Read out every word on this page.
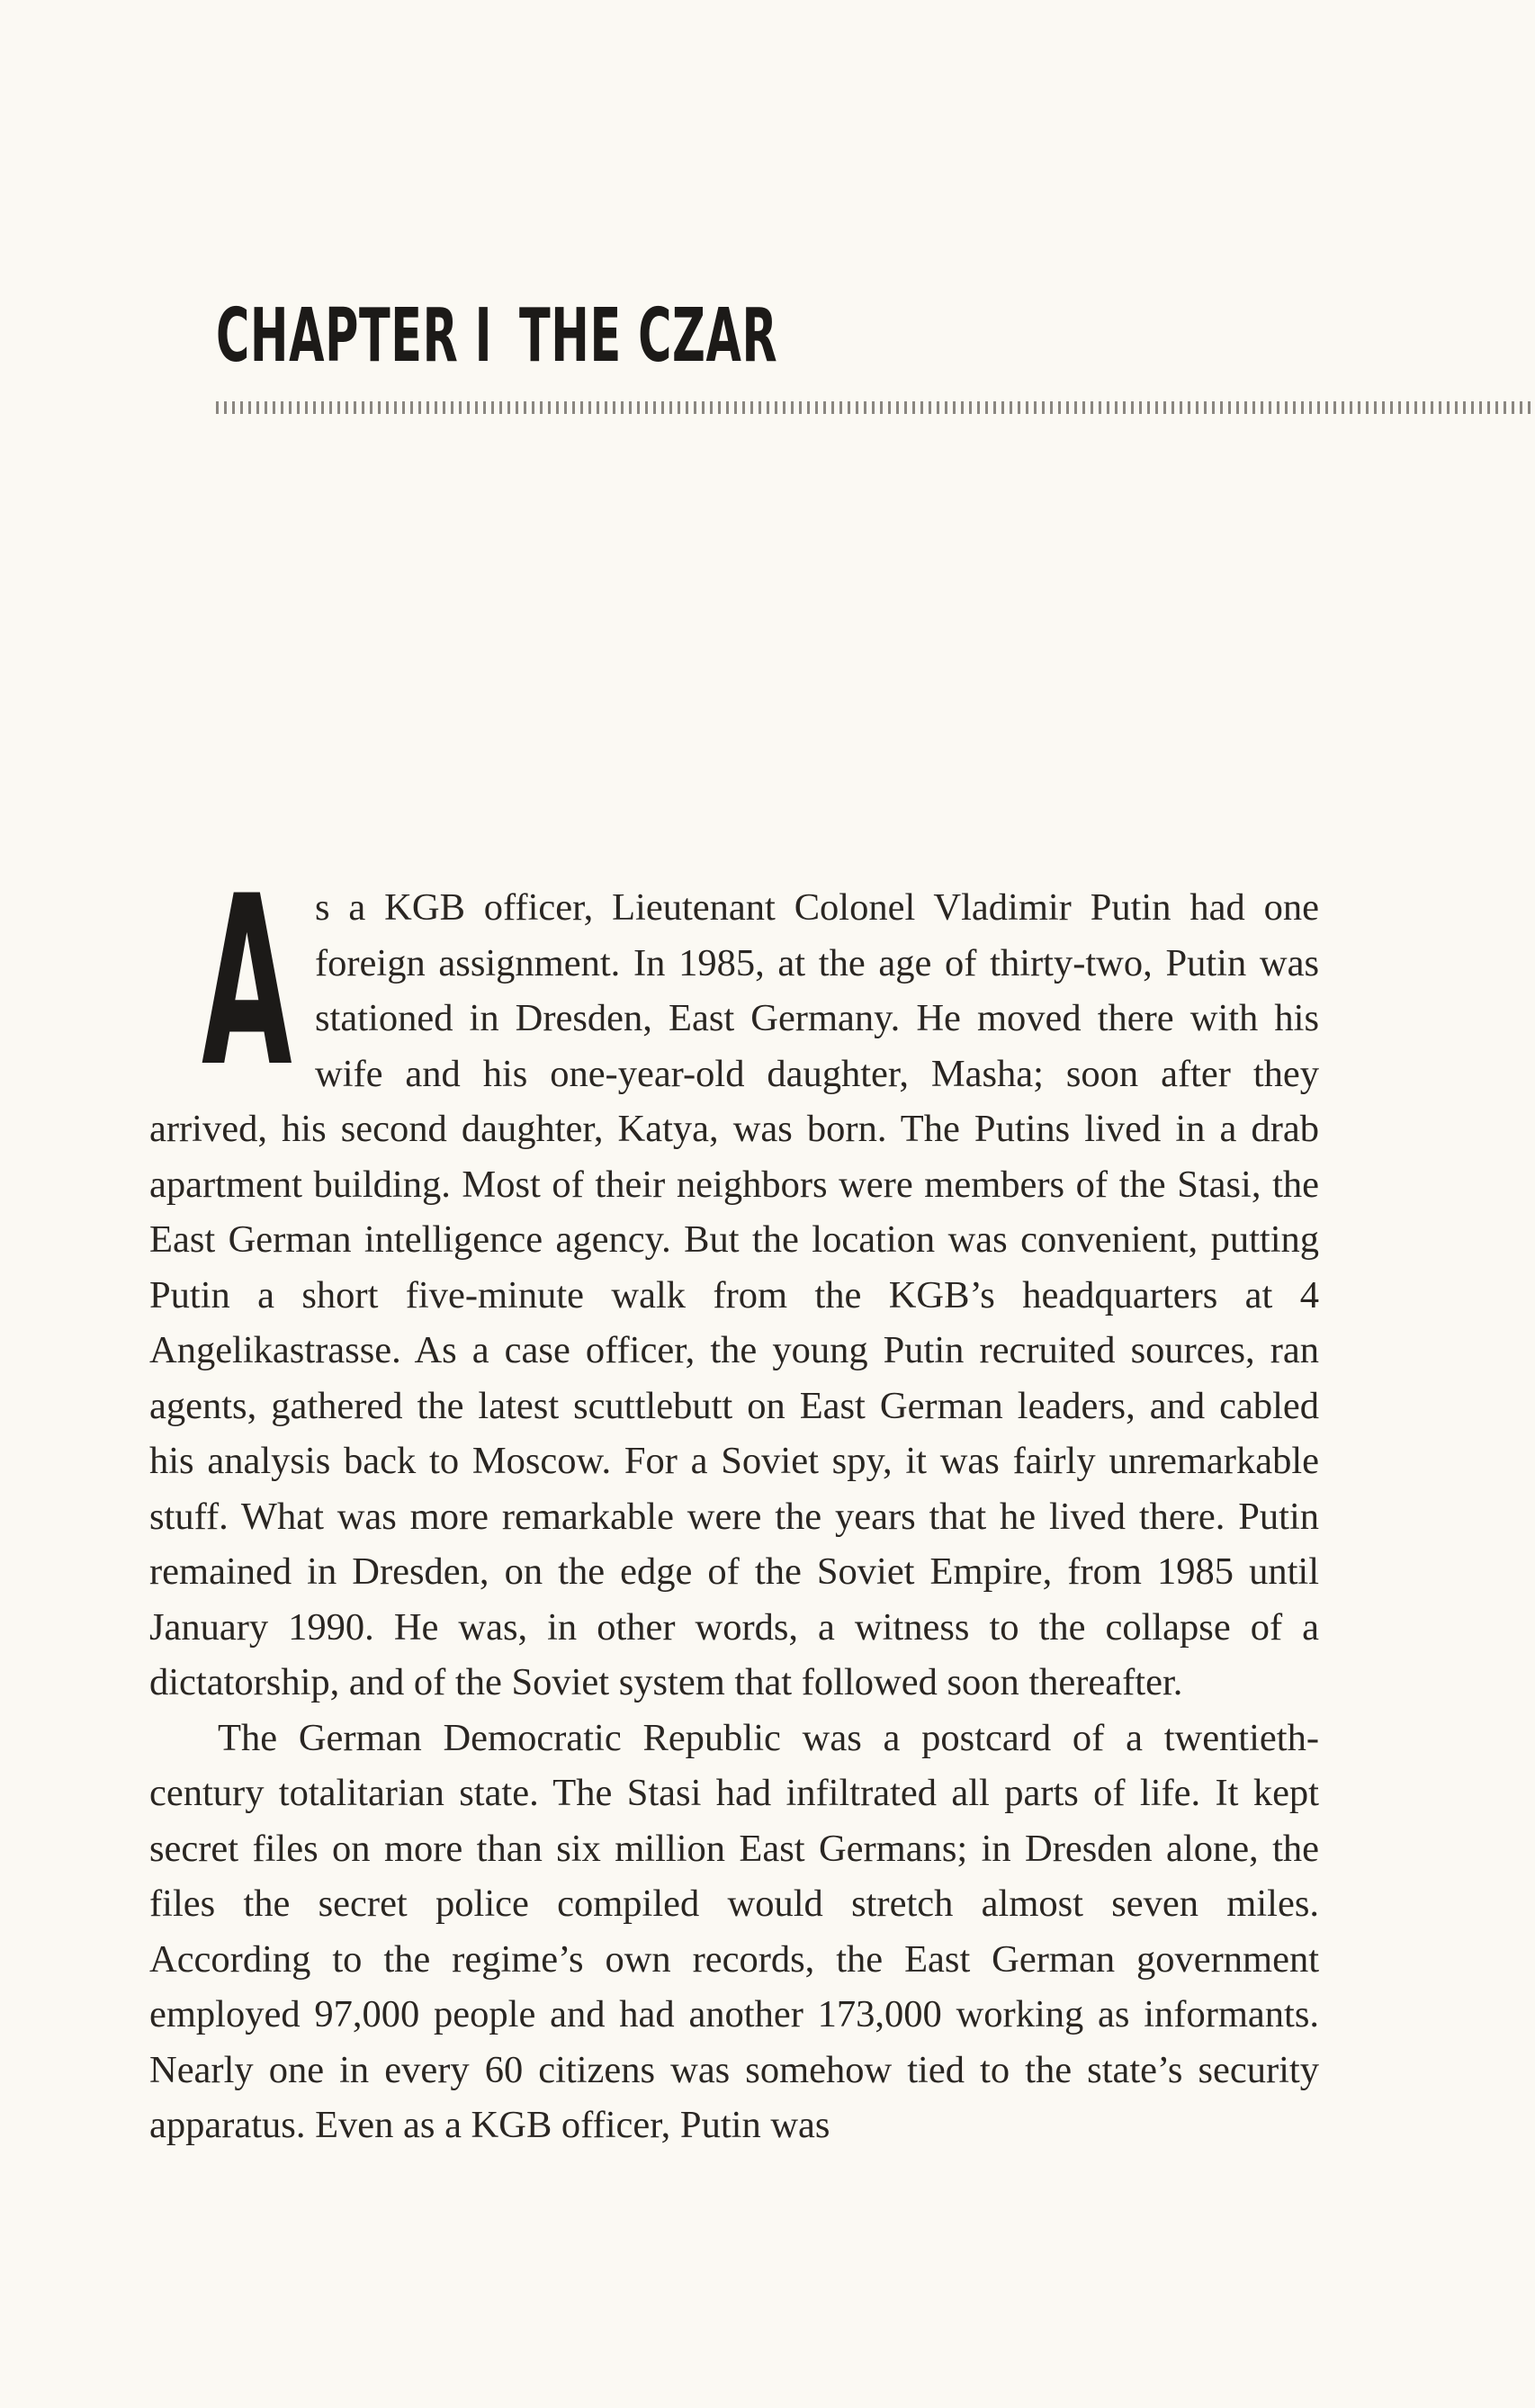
CHAPTER I THE CZAR

As a KGB officer, Lieutenant Colonel Vladimir Putin had one foreign assignment. In 1985, at the age of thirty-two, Putin was stationed in Dresden, East Germany. He moved there with his wife and his one-year-old daughter, Masha; soon after they arrived, his second daughter, Katya, was born. The Putins lived in a drab apartment building. Most of their neighbors were members of the Stasi, the East German intelligence agency. But the location was convenient, putting Putin a short five-minute walk from the KGB’s headquarters at 4 Angelikastrasse. As a case officer, the young Putin recruited sources, ran agents, gathered the latest scuttlebutt on East German leaders, and cabled his analysis back to Moscow. For a Soviet spy, it was fairly unremarkable stuff. What was more remarkable were the years that he lived there. Putin remained in Dresden, on the edge of the Soviet Empire, from 1985 until January 1990. He was, in other words, a witness to the collapse of a dictatorship, and of the Soviet system that followed soon thereafter.

The German Democratic Republic was a postcard of a twentieth-century totalitarian state. The Stasi had infiltrated all parts of life. It kept secret files on more than six million East Germans; in Dresden alone, the files the secret police compiled would stretch almost seven miles. According to the regime’s own records, the East German government employed 97,000 people and had another 173,000 working as informants. Nearly one in every 60 citizens was somehow tied to the state’s security apparatus. Even as a KGB officer, Putin was
